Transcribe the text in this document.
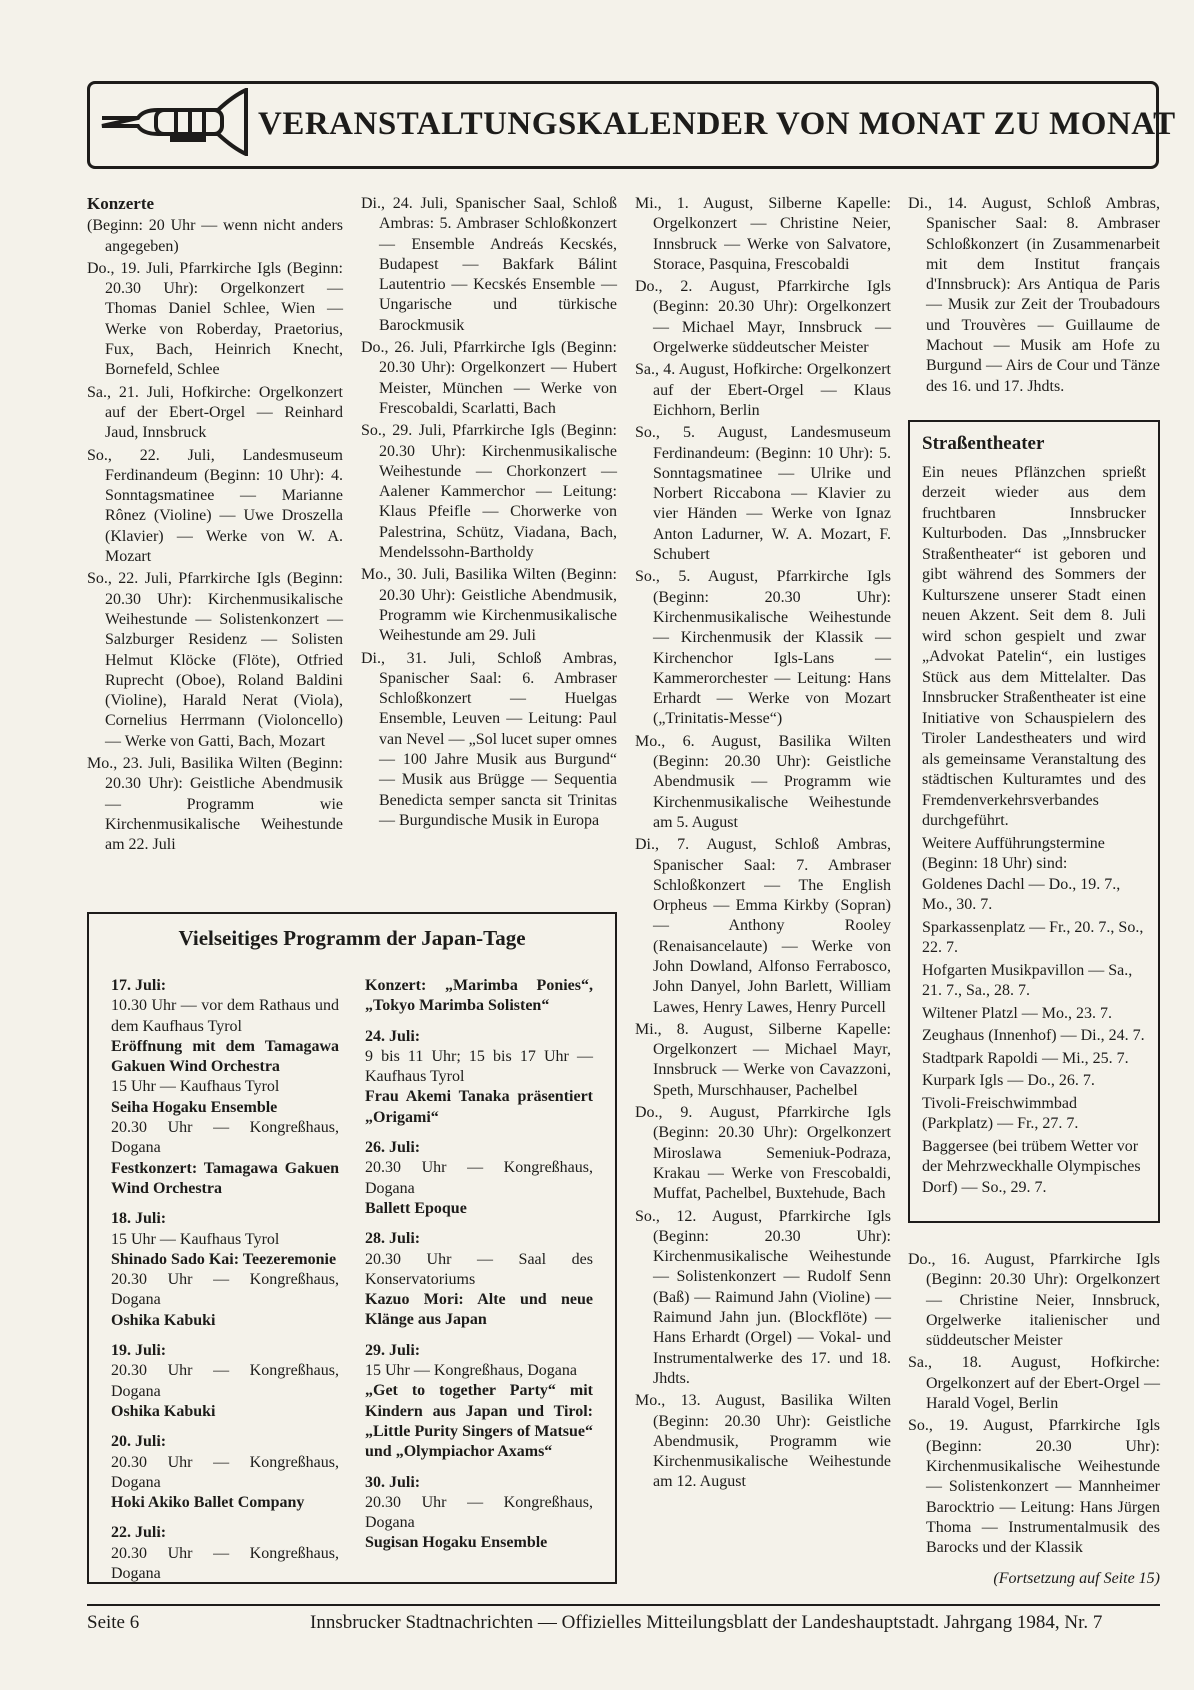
VERANSTALTUNGSKALENDER VON MONAT ZU MONAT
Konzerte

(Beginn: 20 Uhr — wenn nicht anders angegeben)

Do., 19. Juli, Pfarrkirche Igls (Beginn: 20.30 Uhr): Orgelkonzert — Thomas Daniel Schlee, Wien — Werke von Roberday, Praetorius, Fux, Bach, Heinrich Knecht, Bornefeld, Schlee

Sa., 21. Juli, Hofkirche: Orgelkonzert auf der Ebert-Orgel — Reinhard Jaud, Innsbruck

So., 22. Juli, Landesmuseum Ferdinandeum (Beginn: 10 Uhr): 4. Sonntagsmatinee — Marianne Rônez (Violine) — Uwe Droszella (Klavier) — Werke von W. A. Mozart

So., 22. Juli, Pfarrkirche Igls (Beginn: 20.30 Uhr): Kirchenmusikalische Weihestunde — Solistenkonzert — Salzburger Residenz — Solisten Helmut Klöcke (Flöte), Otfried Ruprecht (Oboe), Roland Baldini (Violine), Harald Nerat (Viola), Cornelius Herrmann (Violoncello) — Werke von Gatti, Bach, Mozart

Mo., 23. Juli, Basilika Wilten (Beginn: 20.30 Uhr): Geistliche Abendmusik — Programm wie Kirchenmusikalische Weihestunde am 22. Juli

Di., 24. Juli, Spanischer Saal, Schloß Ambras: 5. Ambraser Schloßkonzert — Ensemble Andreás Kecskés, Budapest — Bakfark Bálint Lautentrio — Kecskés Ensemble — Ungarische und türkische Barockmusik

Do., 26. Juli, Pfarrkirche Igls (Beginn: 20.30 Uhr): Orgelkonzert — Hubert Meister, München — Werke von Frescobaldi, Scarlatti, Bach

So., 29. Juli, Pfarrkirche Igls (Beginn: 20.30 Uhr): Kirchenmusikalische Weihestunde — Chorkonzert — Aalener Kammerchor — Leitung: Klaus Pfeifle — Chorwerke von Palestrina, Schütz, Viadana, Bach, Mendelssohn-Bartholdy

Mo., 30. Juli, Basilika Wilten (Beginn: 20.30 Uhr): Geistliche Abendmusik, Programm wie Kirchenmusikalische Weihestunde am 29. Juli

Di., 31. Juli, Schloß Ambras, Spanischer Saal: 6. Ambraser Schloßkonzert — Huelgas Ensemble, Leuven — Leitung: Paul van Nevel — „Sol lucet super omnes — 100 Jahre Musik aus Burgund“ — Musik aus Brügge — Sequentia Benedicta semper sancta sit Trinitas — Burgundische Musik in Europa

Mi., 1. August, Silberne Kapelle: Orgelkonzert — Christine Neier, Innsbruck — Werke von Salvatore, Storace, Pasquina, Frescobaldi

Do., 2. August, Pfarrkirche Igls (Beginn: 20.30 Uhr): Orgelkonzert — Michael Mayr, Innsbruck — Orgelwerke süddeutscher Meister

Sa., 4. August, Hofkirche: Orgelkonzert auf der Ebert-Orgel — Klaus Eichhorn, Berlin

So., 5. August, Landesmuseum Ferdinandeum: (Beginn: 10 Uhr): 5. Sonntagsmatinee — Ulrike und Norbert Riccabona — Klavier zu vier Händen — Werke von Ignaz Anton Ladurner, W. A. Mozart, F. Schubert

So., 5. August, Pfarrkirche Igls (Beginn: 20.30 Uhr): Kirchenmusikalische Weihestunde — Kirchenmusik der Klassik — Kirchenchor Igls-Lans — Kammerorchester — Leitung: Hans Erhardt — Werke von Mozart („Trinitatis-Messe“)

Mo., 6. August, Basilika Wilten (Beginn: 20.30 Uhr): Geistliche Abendmusik — Programm wie Kirchenmusikalische Weihestunde am 5. August

Di., 7. August, Schloß Ambras, Spanischer Saal: 7. Ambraser Schloßkonzert — The English Orpheus — Emma Kirkby (Sopran) — Anthony Rooley (Renaisancelaute) — Werke von John Dowland, Alfonso Ferrabosco, John Danyel, John Barlett, William Lawes, Henry Lawes, Henry Purcell

Mi., 8. August, Silberne Kapelle: Orgelkonzert — Michael Mayr, Innsbruck — Werke von Cavazzoni, Speth, Murschhauser, Pachelbel

Do., 9. August, Pfarrkirche Igls (Beginn: 20.30 Uhr): Orgelkonzert Miroslawa Semeniuk-Podraza, Krakau — Werke von Frescobaldi, Muffat, Pachelbel, Buxtehude, Bach

So., 12. August, Pfarrkirche Igls (Beginn: 20.30 Uhr): Kirchenmusikalische Weihestunde — Solistenkonzert — Rudolf Senn (Baß) — Raimund Jahn (Violine) — Raimund Jahn jun. (Blockflöte) — Hans Erhardt (Orgel) — Vokal- und Instrumentalwerke des 17. und 18. Jhdts.

Mo., 13. August, Basilika Wilten (Beginn: 20.30 Uhr): Geistliche Abendmusik, Programm wie Kirchenmusikalische Weihestunde am 12. August

Di., 14. August, Schloß Ambras, Spanischer Saal: 8. Ambraser Schloßkonzert (in Zusammenarbeit mit dem Institut français d'Innsbruck): Ars Antiqua de Paris — Musik zur Zeit der Troubadours und Trouvères — Guillaume de Machout — Musik am Hofe zu Burgund — Airs de Cour und Tänze des 16. und 17. Jhdts.

Straßentheater
Ein neues Pflänzchen sprießt derzeit wieder aus dem fruchtbaren Innsbrucker Kulturboden. Das „Innsbrucker Straßentheater“ ist geboren und gibt während des Sommers der Kulturszene unserer Stadt einen neuen Akzent. Seit dem 8. Juli wird schon gespielt und zwar „Advokat Patelin“, ein lustiges Stück aus dem Mittelalter. Das Innsbrucker Straßentheater ist eine Initiative von Schauspielern des Tiroler Landestheaters und wird als gemeinsame Veranstaltung des städtischen Kulturamtes und des Fremdenverkehrsverbandes durchgeführt.
Weitere Aufführungstermine (Beginn: 18 Uhr) sind:
Goldenes Dachl — Do., 19. 7., Mo., 30. 7.
Sparkassenplatz — Fr., 20. 7., So., 22. 7.
Hofgarten Musikpavillon — Sa., 21. 7., Sa., 28. 7.
Wiltener Platzl — Mo., 23. 7.
Zeughaus (Innenhof) — Di., 24. 7.
Stadtpark Rapoldi — Mi., 25. 7.
Kurpark Igls — Do., 26. 7.
Tivoli-Freischwimmbad (Parkplatz) — Fr., 27. 7.
Baggersee (bei trübem Wetter vor der Mehrzweckhalle Olympisches Dorf) — So., 29. 7.

Do., 16. August, Pfarrkirche Igls (Beginn: 20.30 Uhr): Orgelkonzert — Christine Neier, Innsbruck, Orgelwerke italienischer und süddeutscher Meister

Sa., 18. August, Hofkirche: Orgelkonzert auf der Ebert-Orgel — Harald Vogel, Berlin

So., 19. August, Pfarrkirche Igls (Beginn: 20.30 Uhr): Kirchenmusikalische Weihestunde — Solistenkonzert — Mannheimer Barocktrio — Leitung: Hans Jürgen Thoma — Instrumentalmusik des Barocks und der Klassik

(Fortsetzung auf Seite 15)
Vielseitiges Programm der Japan-Tage
17. Juli:
10.30 Uhr — vor dem Rathaus und dem Kaufhaus Tyrol
Eröffnung mit dem Tamagawa Gakuen Wind Orchestra
15 Uhr — Kaufhaus Tyrol
Seiha Hogaku Ensemble
20.30 Uhr — Kongreßhaus, Dogana
Festkonzert: Tamagawa Gakuen Wind Orchestra
18. Juli:
15 Uhr — Kaufhaus Tyrol
Shinado Sado Kai: Teezeremonie
20.30 Uhr — Kongreßhaus, Dogana
Oshika Kabuki
19. Juli:
20.30 Uhr — Kongreßhaus, Dogana
Oshika Kabuki
20. Juli:
20.30 Uhr — Kongreßhaus, Dogana
Hoki Akiko Ballet Company
22. Juli:
20.30 Uhr — Kongreßhaus, Dogana
Konzert: „Marimba Ponies“, „Tokyo Marimba Solisten“
24. Juli:
9 bis 11 Uhr; 15 bis 17 Uhr — Kaufhaus Tyrol
Frau Akemi Tanaka präsentiert „Origami“
26. Juli:
20.30 Uhr — Kongreßhaus, Dogana
Ballett Epoque
28. Juli:
20.30 Uhr — Saal des Konservatoriums
Kazuo Mori: Alte und neue Klänge aus Japan
29. Juli:
15 Uhr — Kongreßhaus, Dogana
„Get to together Party“ mit Kindern aus Japan und Tirol: „Little Purity Singers of Matsue“ und „Olympiachor Axams“
30. Juli:
20.30 Uhr — Kongreßhaus, Dogana
Sugisan Hogaku Ensemble
Seite 6	Innsbrucker Stadtnachrichten — Offizielles Mitteilungsblatt der Landeshauptstadt. Jahrgang 1984, Nr. 7
